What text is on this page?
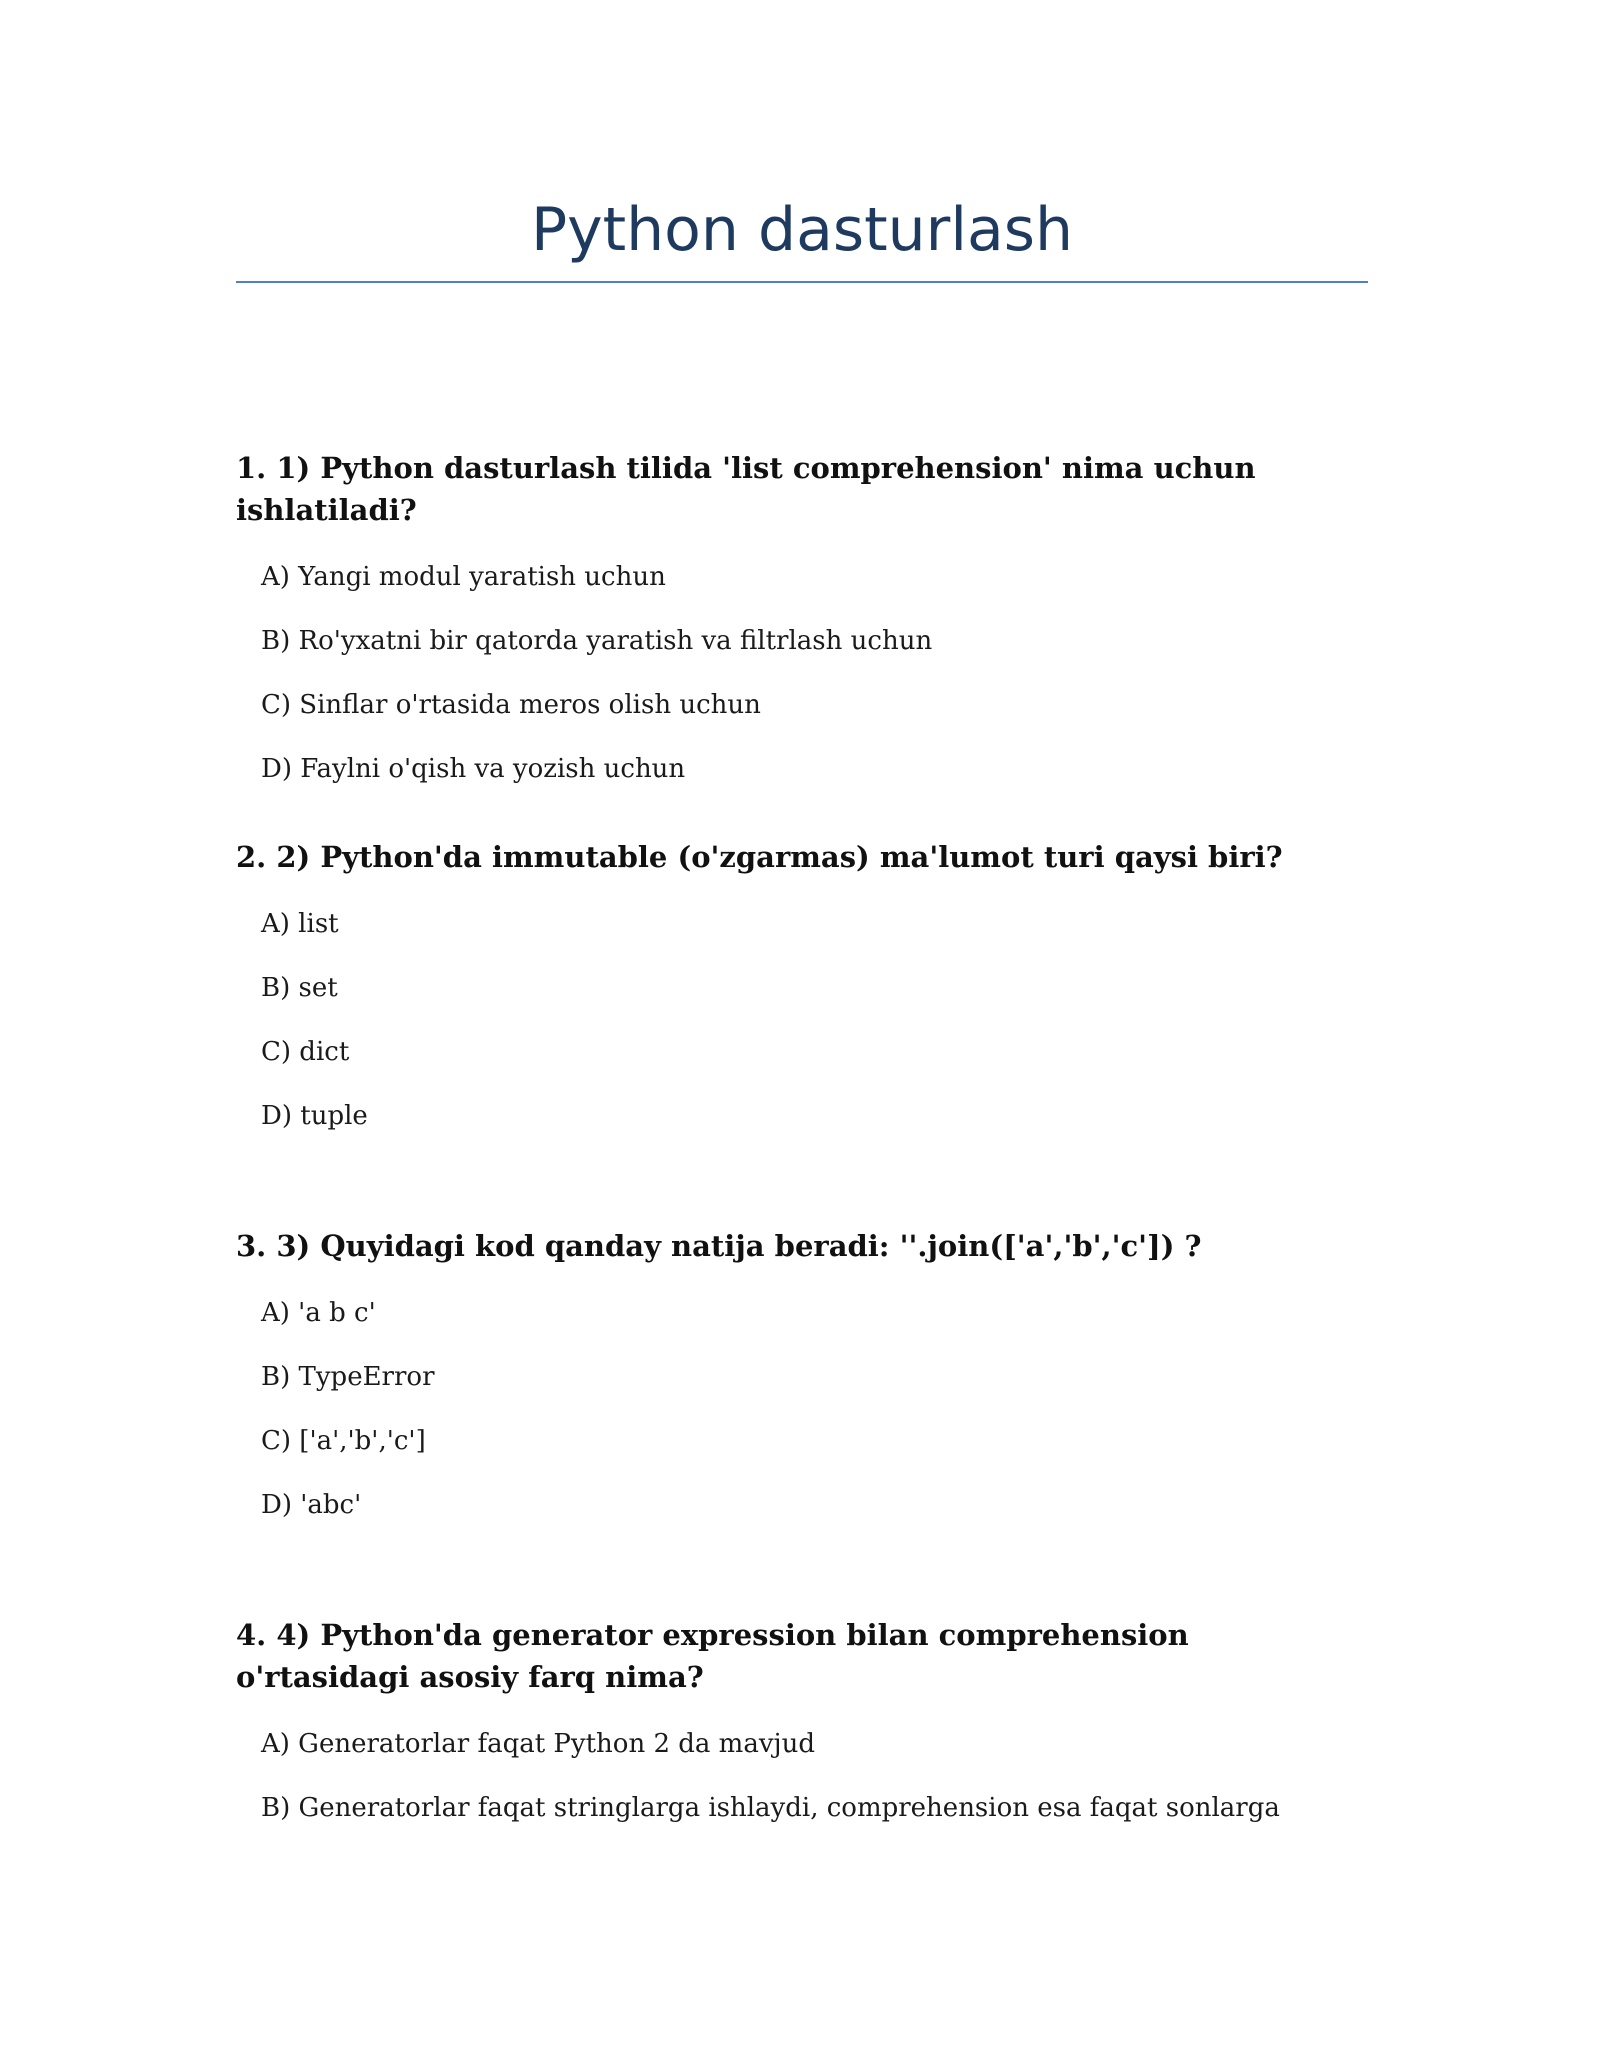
Python dasturlash

1. 1) Python dasturlash tilida 'list comprehension' nima uchun ishlatiladi?

A) Yangi modul yaratish uchun
B) Ro'yxatni bir qatorda yaratish va filtrlash uchun
C) Sinflar o'rtasida meros olish uchun
D) Faylni o'qish va yozish uchun

2. 2) Python'da immutable (o'zgarmas) ma'lumot turi qaysi biri?

A) list
B) set
C) dict
D) tuple

3. 3) Quyidagi kod qanday natija beradi: ''.join(['a','b','c']) ?

A) 'a b c'
B) TypeError
C) ['a','b','c']
D) 'abc'

4. 4) Python'da generator expression bilan comprehension o'rtasidagi asosiy farq nima?

A) Generatorlar faqat Python 2 da mavjud
B) Generatorlar faqat stringlarga ishlaydi, comprehension esa faqat sonlarga
